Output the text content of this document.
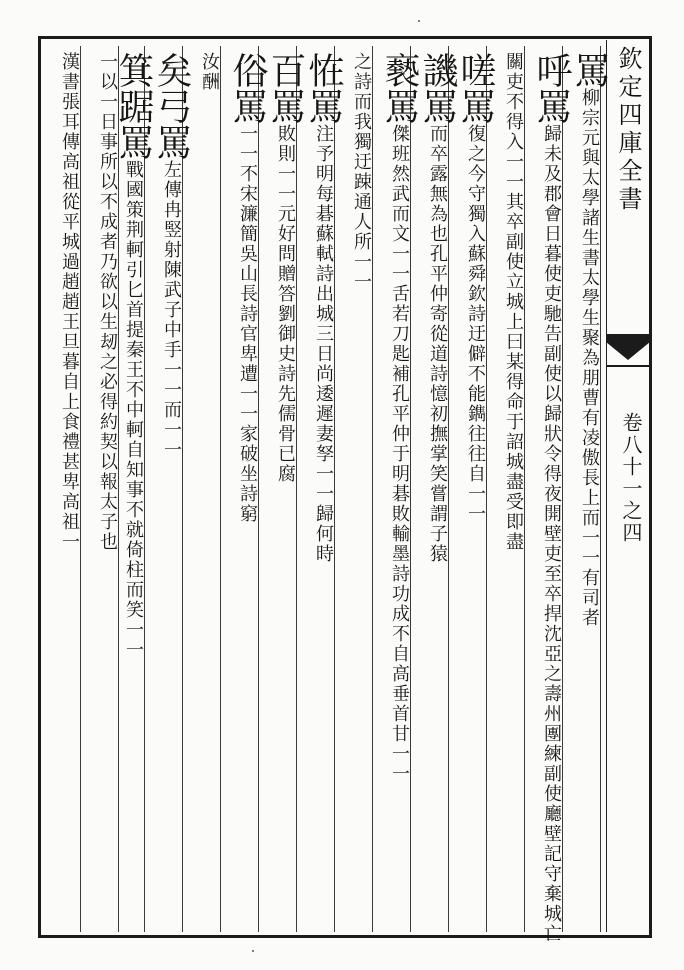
欽定四庫全書
卷八十一之四
罵柳宗元與太學諸生書太學生聚為朋曹有凌傲長上而一一有司者
呼罵歸未及郡會日暮使吏馳告副使以歸狀令得夜開壁吏至卒捍沈亞之壽州團練副使廳壁記守棄城亡
關吏不得入一一其卒副使立城上曰某得命于詔城盡受即盡
嗟罵復之今守獨入蘇舜欽詩迂僻不能鐫往往自一一
譏罵而卒露無為也孔平仲寄從道詩憶初撫掌笑嘗謂子猿
褻罵傑班然武而文一一舌若刀匙補孔平仲于明碁敗輸墨詩功成不自高垂首甘一一
之詩而我獨迂踈通人所一一
恠罵注予明每碁蘇軾詩出城三日尚逶遲妻孥一一歸何時
百罵敗則一一元好問贈答劉御史詩先儒骨已腐
俗罵一一不宋濂簡吳山長詩官卑遭一一家破坐詩窮
汝酬
矣弓罵左傳冉竪射陳武子中手一一而一一
箕踞罵戰國策荆軻引匕首提秦王不中軻自知事不就倚柱而笑一一
一以一日事所以不成者乃欲以生刼之必得約契以報太子也
漢書張耳傳高祖從平城過趙趙王旦暮自上食禮甚卑高祖一
